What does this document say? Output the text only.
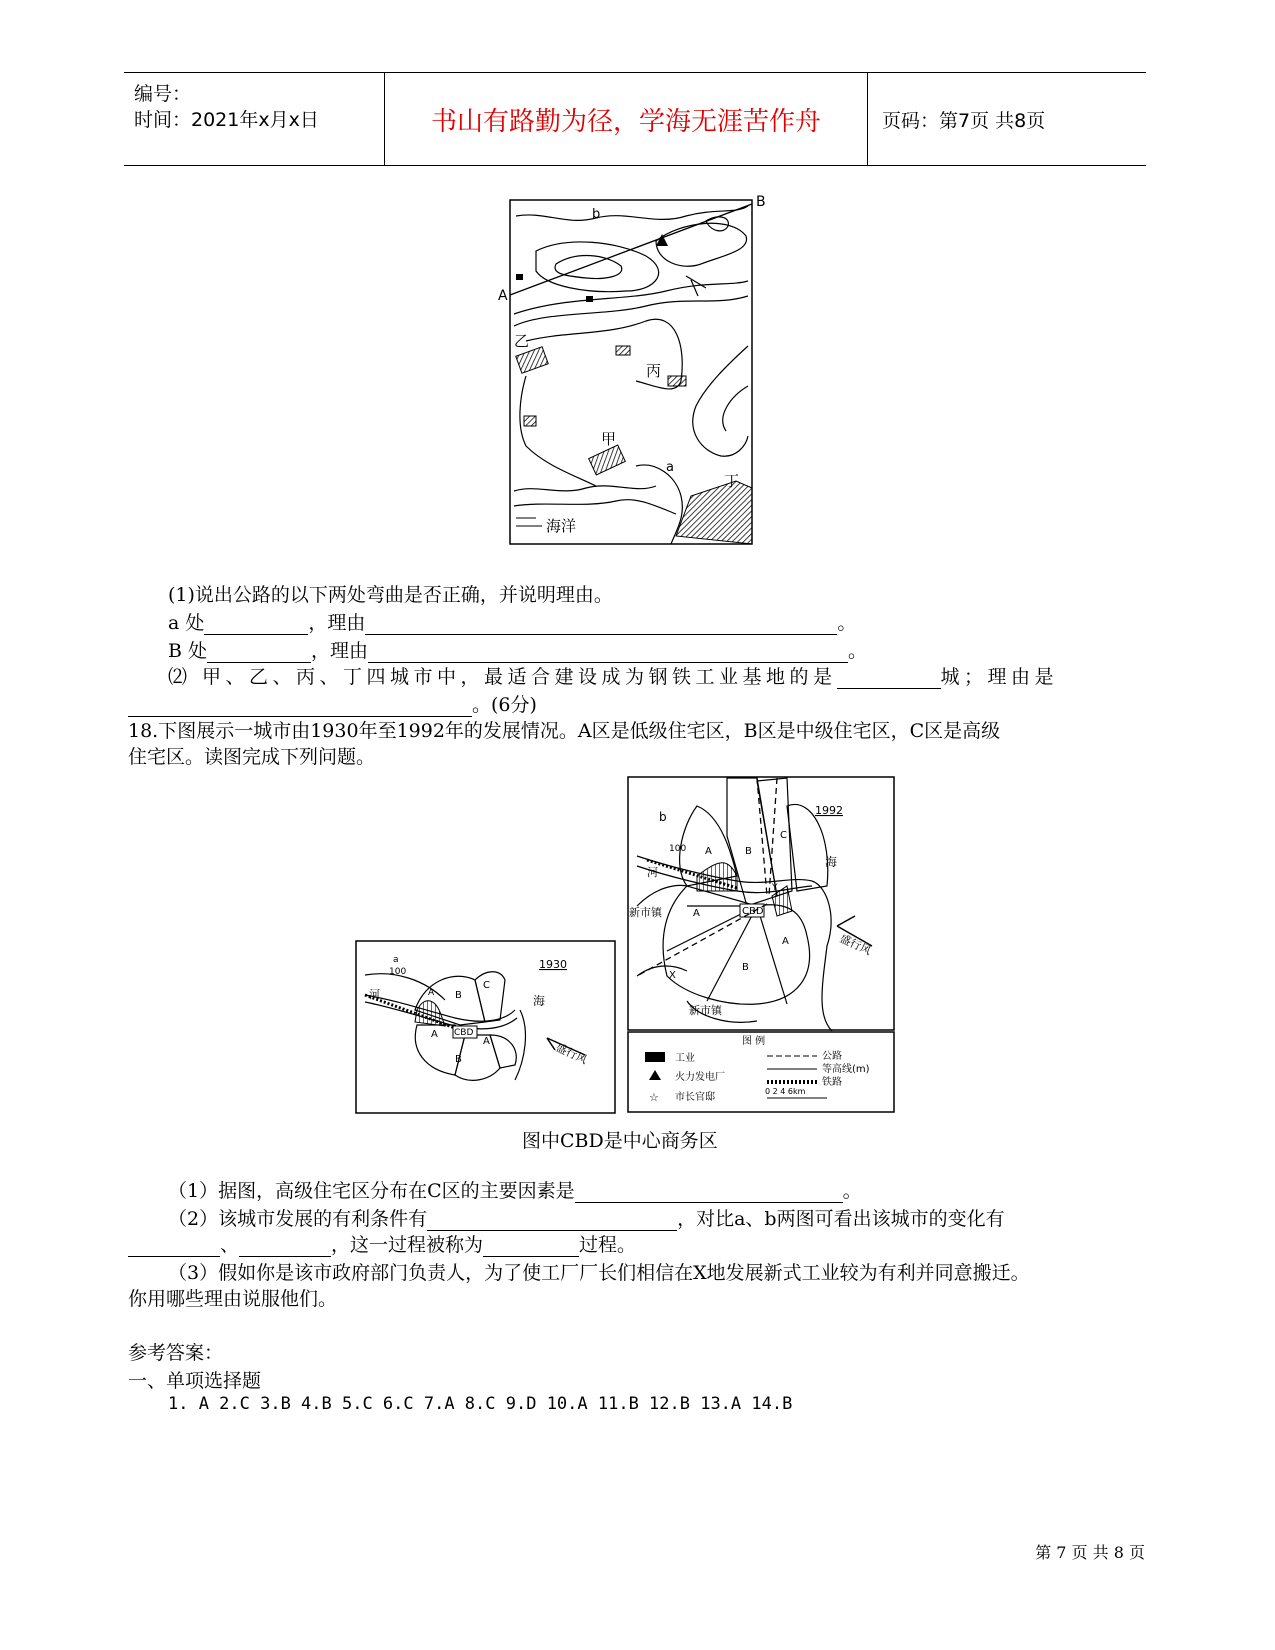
编号：
时间：2021年x月x日	书山有路勤为径，学海无涯苦作舟	页码：第7页 共8页
B
A
b
a
乙
丙
甲
丁
海洋
(1)说出公路的以下两处弯曲是否正确，并说明理由。
a 处	，理由	。
B 处	，理由	。
⑵ 甲、乙、丙、丁四城市中，最适合建设成为钢铁工业基地的是	城；理由是
。(6分)
18.下图展示一城市由1930年至1992年的发展情况。A区是低级住宅区，B区是中级住宅区，C区是高级
住宅区。读图完成下列问题。
1992
b
100 A	B
C
海
河
新市镇	A	CBD
Y
A
B
X
盛行风
新市镇
图 例
工业
火力发电厂
☆ 市长官邸
公路
等高线(m)
铁路
0 2 4 6km
a
100
1930
河	A B
C
海
A CBD
A
B	盛行风
图中CBD是中心商务区
（1）据图，高级住宅区分布在C区的主要因素是	。
（2）该城市发展的有利条件有	，对比a、b两图可看出该城市的变化有
、	，这一过程被称为	过程。
（3）假如你是该市政府部门负责人，为了使工厂厂长们相信在X地发展新式工业较为有利并同意搬迁。
你用哪些理由说服他们。
参考答案：
一、单项选择题
1. A 2.C 3.B 4.B 5.C 6.C 7.A 8.C 9.D 10.A 11.B 12.B 13.A 14.B
第 7 页 共 8 页
